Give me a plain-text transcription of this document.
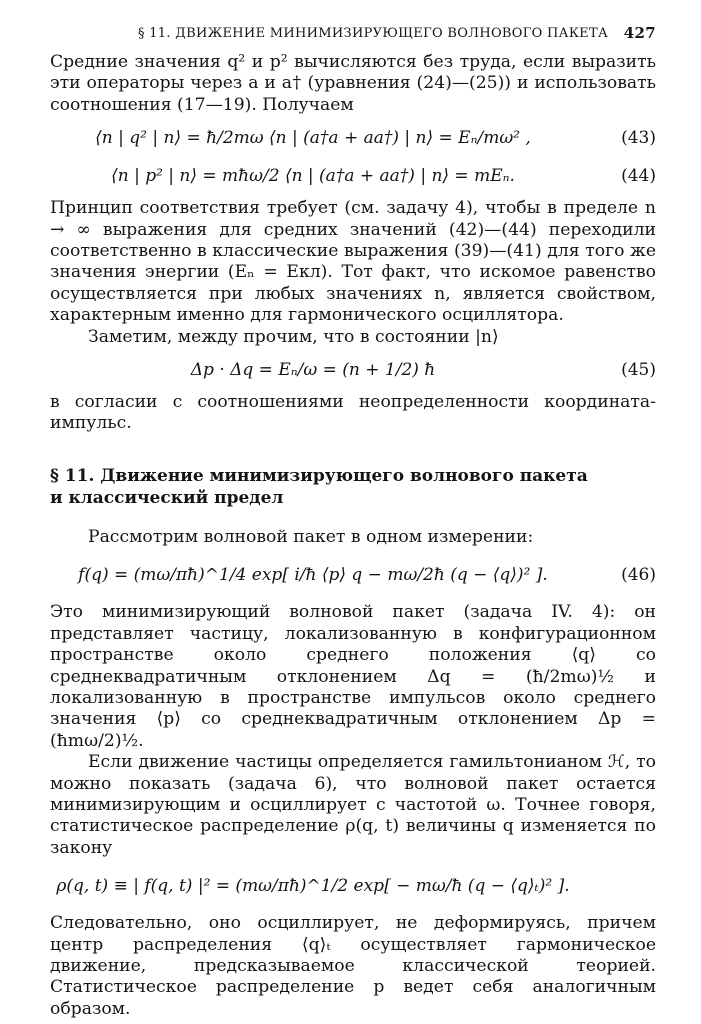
§ 11. ДВИЖЕНИЕ МИНИМИЗИРУЮЩЕГО ВОЛНОВОГО ПАКЕТА 427

Средние значения q² и p² вычисляются без труда, если выразить эти операторы через a и a† (уравнения (24)—(25)) и использовать соотношения (17—19). Получаем

⟨n | q² | n⟩ = ħ/2mω ⟨n | (a†a + aa†) | n⟩ = Eₙ/mω² ,	(43)
⟨n | p² | n⟩ = mħω/2 ⟨n | (a†a + aa†) | n⟩ = mEₙ.	(44)

Принцип соответствия требует (см. задачу 4), чтобы в пределе n → ∞ выражения для средних значений (42)—(44) переходили соответственно в классические выражения (39)—(41) для того же значения энергии (Eₙ = Eкл). Тот факт, что искомое равенство осуществляется при любых значениях n, является свойством, характерным именно для гармонического осциллятора.

Заметим, между прочим, что в состоянии |n⟩

Δp · Δq = Eₙ/ω = (n + 1/2) ħ	(45)

в согласии с соотношениями неопределенности координата-импульс.

§ 11. Движение минимизирующего волнового пакета
и классический предел

Рассмотрим волновой пакет в одном измерении:

f(q) = (mω/πħ)^1/4 exp[ i/ħ ⟨p⟩ q − mω/2ħ (q − ⟨q⟩)² ].	(46)

Это минимизирующий волновой пакет (задача IV. 4): он представляет частицу, локализованную в конфигурационном пространстве около среднего положения ⟨q⟩ со среднеквадратичным отклонением Δq = (ħ/2mω)½ и локализованную в пространстве импульсов около среднего значения ⟨p⟩ со среднеквадратичным отклонением Δp = (ħmω/2)½.

Если движение частицы определяется гамильтонианом ℋ, то можно показать (задача 6), что волновой пакет остается минимизирующим и осциллирует с частотой ω. Точнее говоря, статистическое распределение ρ(q, t) величины q изменяется по закону

ρ(q, t) ≡ | f(q, t) |² = (mω/πħ)^1/2 exp[ − mω/ħ (q − ⟨q⟩ₜ)² ].

Следовательно, оно осциллирует, не деформируясь, причем центр распределения ⟨q⟩ₜ осуществляет гармоническое движение, предсказываемое классической теорией. Статистическое распределение p ведет себя аналогичным образом.
